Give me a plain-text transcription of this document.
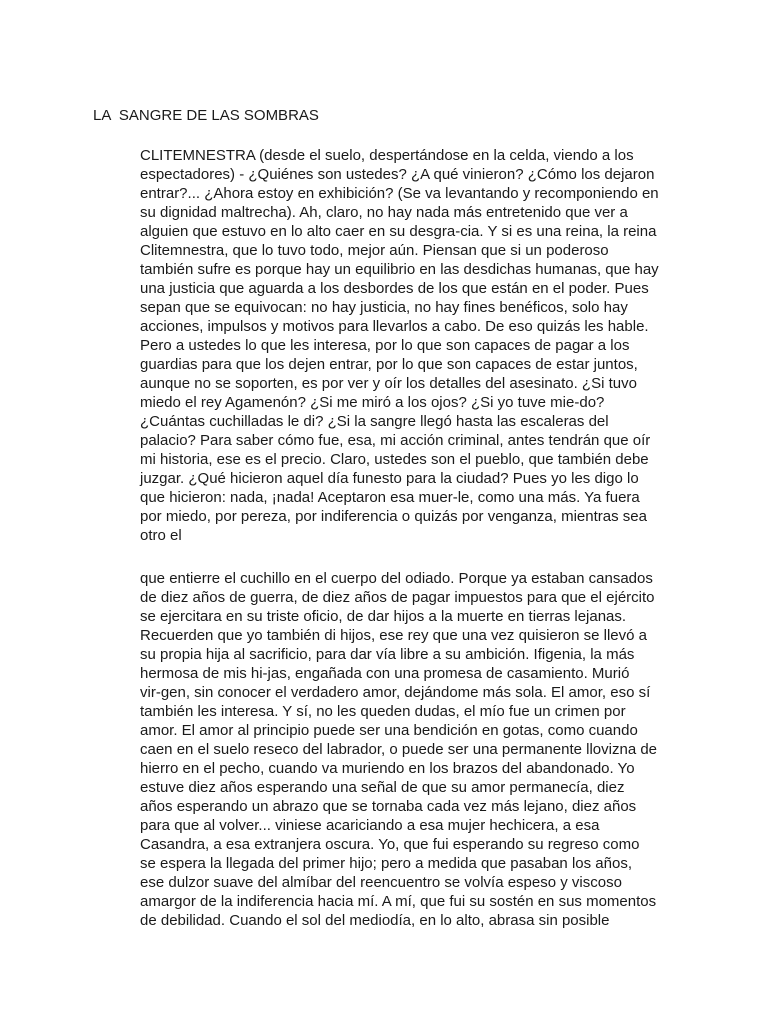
LA  SANGRE DE LAS SOMBRAS
CLITEMNESTRA (desde el suelo, despertándose en la celda, viendo a los
espectadores) - ¿Quiénes son ustedes? ¿A qué vinieron? ¿Cómo los dejaron
entrar?... ¿Ahora estoy en exhibición? (Se va levantando y recomponiendo en
su dignidad maltrecha). Ah, claro, no hay nada más entretenido que ver a
alguien que estuvo en lo alto caer en su desgra-cia. Y si es una reina, la reina
Clitemnestra, que lo tuvo todo, mejor aún. Piensan que si un poderoso
también sufre es porque hay un equilibrio en las desdichas humanas, que hay
una justicia que aguarda a los desbordes de los que están en el poder. Pues
sepan que se equivocan: no hay justicia, no hay fines benéficos, solo hay
acciones, impulsos y motivos para llevarlos a cabo. De eso quizás les hable.
Pero a ustedes lo que les interesa, por lo que son capaces de pagar a los
guardias para que los dejen entrar, por lo que son capaces de estar juntos,
aunque no se soporten, es por ver y oír los detalles del asesinato. ¿Si tuvo
miedo el rey Agamenón? ¿Si me miró a los ojos? ¿Si yo tuve mie-do?
¿Cuántas cuchilladas le di? ¿Si la sangre llegó hasta las escaleras del
palacio? Para saber cómo fue, esa, mi acción criminal, antes tendrán que oír
mi historia, ese es el precio. Claro, ustedes son el pueblo, que también debe
juzgar. ¿Qué hicieron aquel día funesto para la ciudad? Pues yo les digo lo
que hicieron: nada, ¡nada! Aceptaron esa muer-le, como una más. Ya fuera
por miedo, por pereza, por indiferencia o quizás por venganza, mientras sea
otro el
que entierre el cuchillo en el cuerpo del odiado. Porque ya estaban cansados
de diez años de guerra, de diez años de pagar impuestos para que el ejército
se ejercitara en su triste oficio, de dar hijos a la muerte en tierras lejanas.
Recuerden que yo también di hijos, ese rey que una vez quisieron se llevó a
su propia hija al sacrificio, para dar vía libre a su ambición. Ifigenia, la más
hermosa de mis hi-jas, engañada con una promesa de casamiento. Murió
vir-gen, sin conocer el verdadero amor, dejándome más sola. El amor, eso sí
también les interesa. Y sí, no les queden dudas, el mío fue un crimen por
amor. El amor al principio puede ser una bendición en gotas, como cuando
caen en el suelo reseco del labrador, o puede ser una permanente llovizna de
hierro en el pecho, cuando va muriendo en los brazos del abandonado. Yo
estuve diez años esperando una señal de que su amor permanecía, diez
años esperando un abrazo que se tornaba cada vez más lejano, diez años
para que al volver... viniese acariciando a esa mujer hechicera, a esa
Casandra, a esa extranjera oscura. Yo, que fui esperando su regreso como
se espera la llegada del primer hijo; pero a medida que pasaban los años,
ese dulzor suave del almíbar del reencuentro se volvía espeso y viscoso
amargor de la indiferencia hacia mí. A mí, que fui su sostén en sus momentos
de debilidad. Cuando el sol del mediodía, en lo alto, abrasa sin posible
